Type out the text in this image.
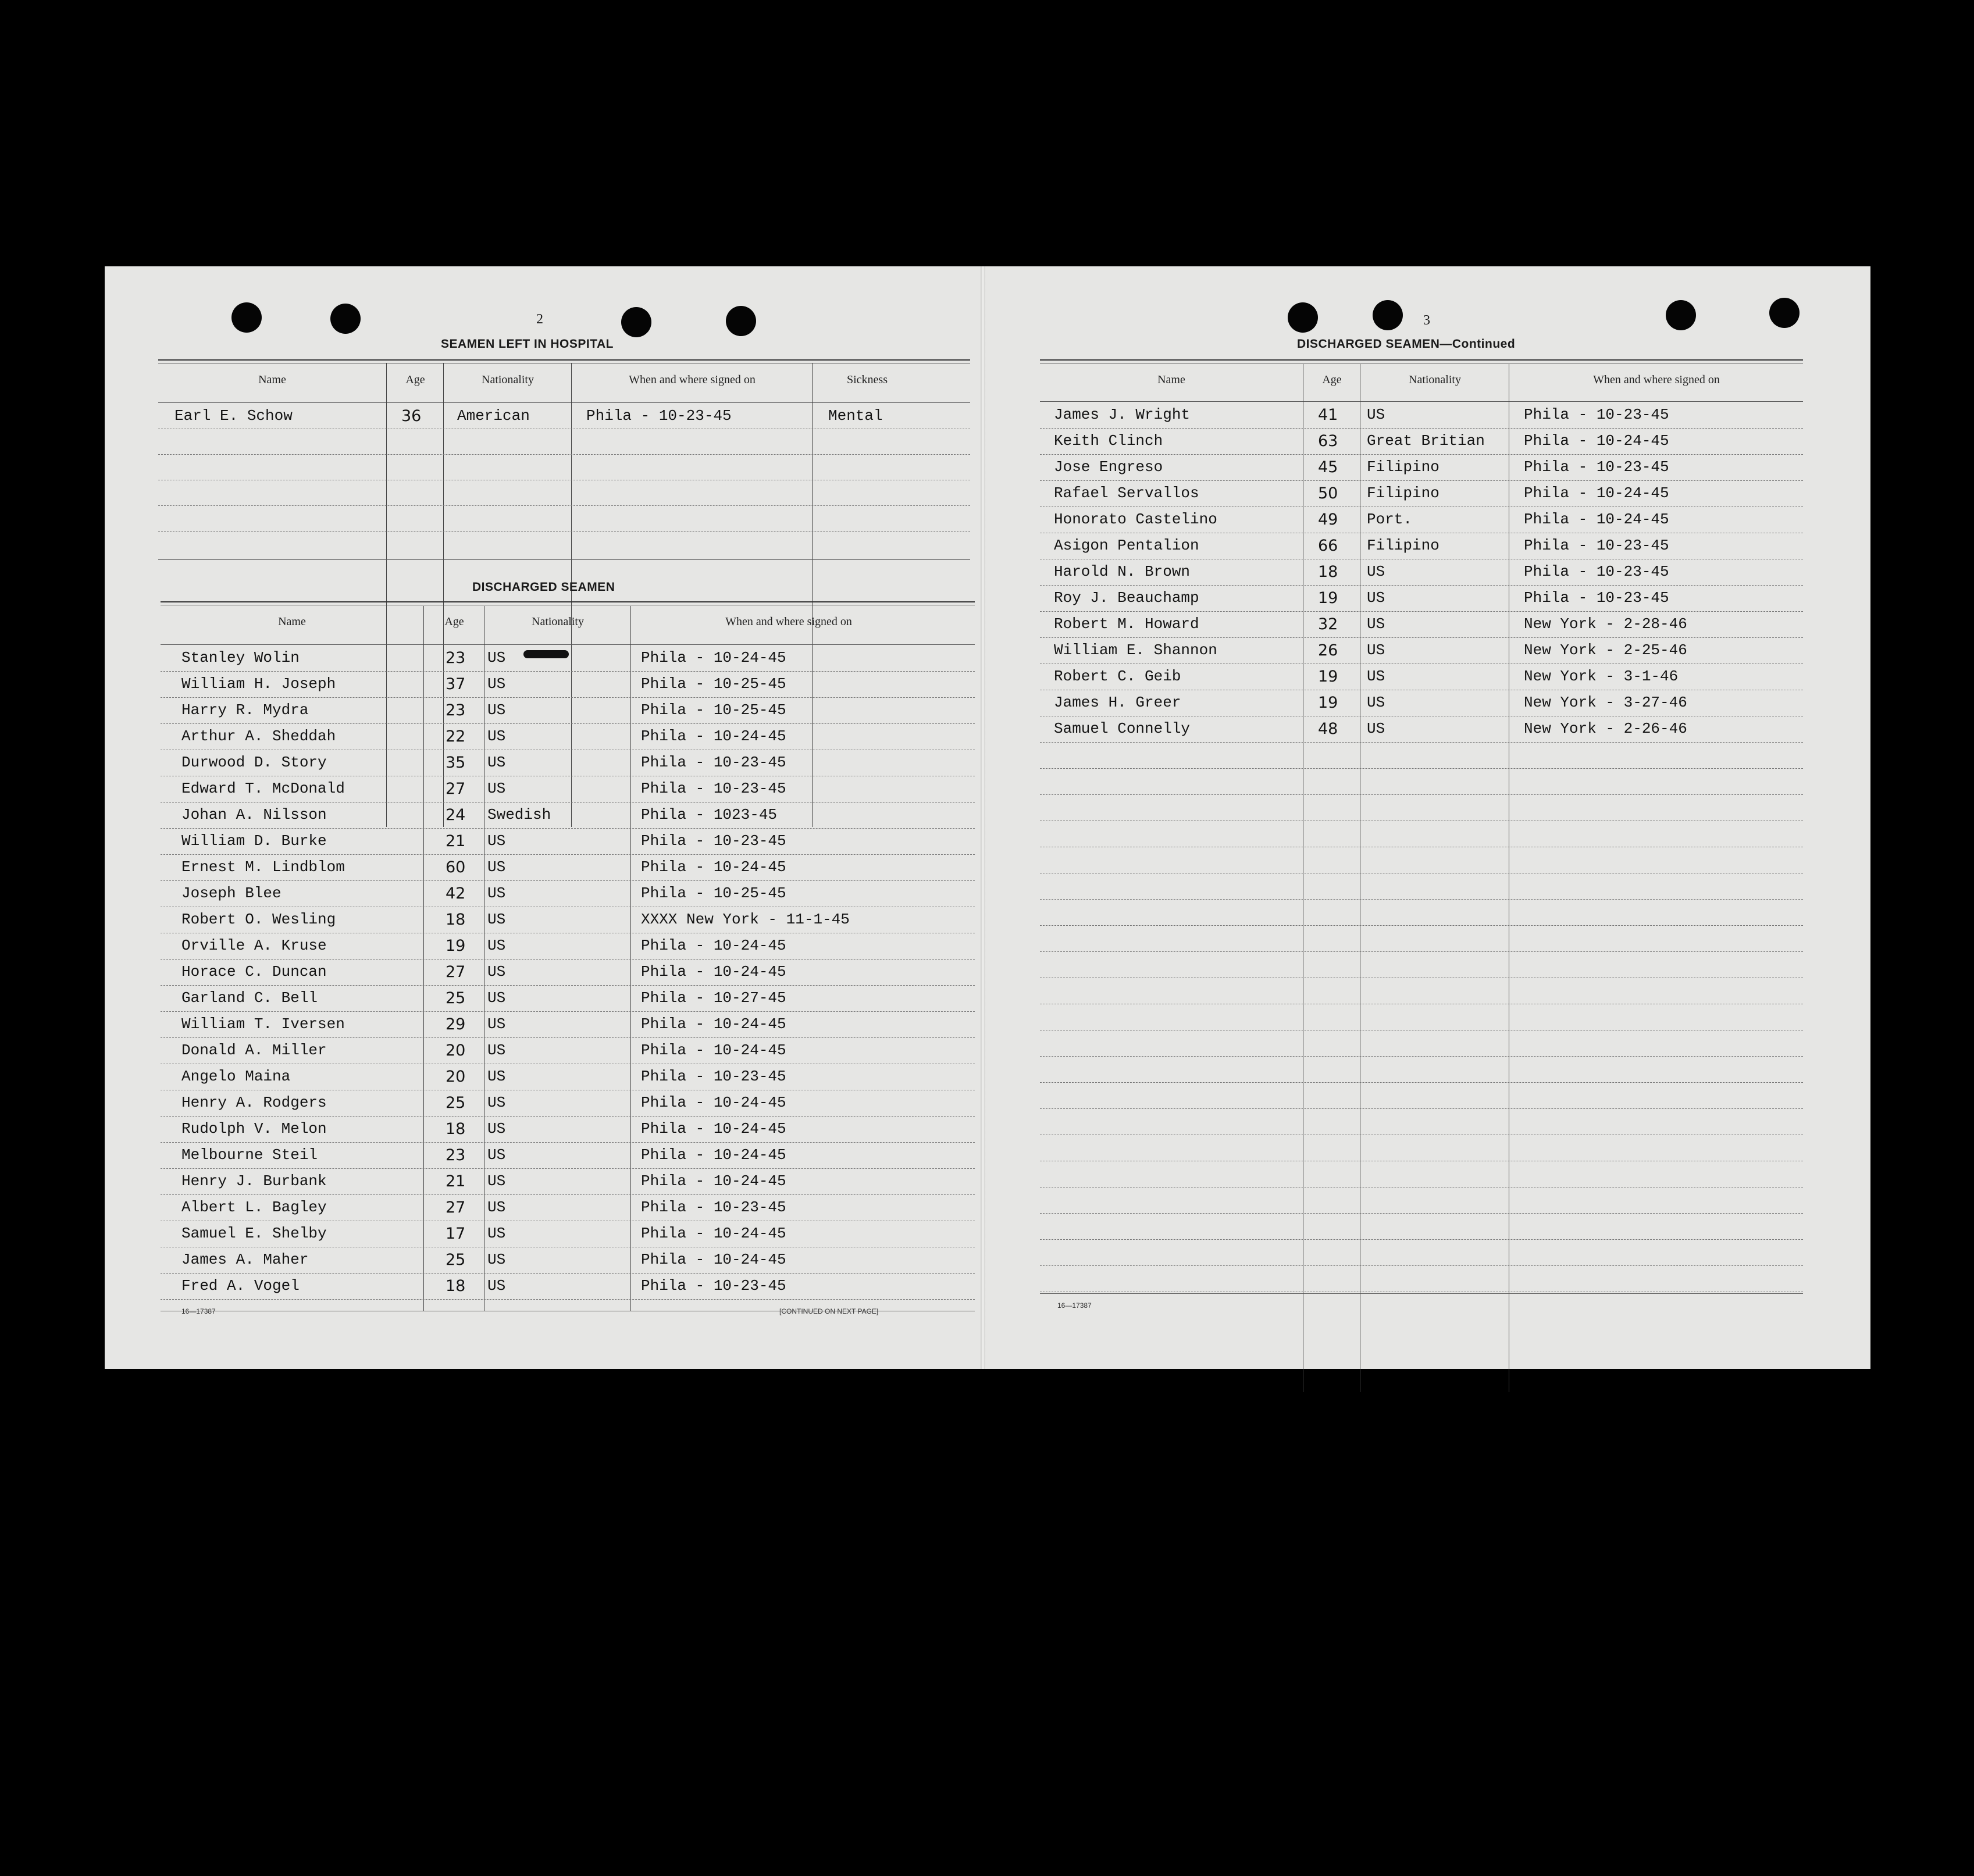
2
SEAMEN LEFT IN HOSPITAL
Name	Age	Nationality	When and where signed on	Sickness
Earl E. Schow	36 American	Phila - 10-23-45	Mental
DISCHARGED SEAMEN
Name	Age	Nationality	When and where signed on
Stanley Wolin	23 US	Phila - 10-24-45
William H. Joseph	37 US	Phila - 10-25-45
Harry R. Mydra	23 US	Phila - 10-25-45
Arthur A. Sheddah	22 US	Phila - 10-24-45
Durwood D. Story	35 US	Phila - 10-23-45
Edward T. McDonald	27 US	Phila - 10-23-45
Johan A. Nilsson	24 Swedish	Phila - 1023-45
William D. Burke	21 US	Phila - 10-23-45
Ernest M. Lindblom	60 US	Phila - 10-24-45
Joseph Blee	42 US	Phila - 10-25-45
Robert O. Wesling	18 US	XXXX New York - 11-1-45
Orville A. Kruse	19 US	Phila - 10-24-45
Horace C. Duncan	27 US	Phila - 10-24-45
Garland C. Bell	25 US	Phila - 10-27-45
William T. Iversen	29 US	Phila - 10-24-45
Donald A. Miller	20 US	Phila - 10-24-45
Angelo Maina	20 US	Phila - 10-23-45
Henry A. Rodgers	25 US	Phila - 10-24-45
Rudolph V. Melon	18 US	Phila - 10-24-45
Melbourne Steil	23 US	Phila - 10-24-45
Henry J. Burbank	21 US	Phila - 10-24-45
Albert L. Bagley	27 US	Phila - 10-23-45
Samuel E. Shelby	17 US	Phila - 10-24-45
James A. Maher	25 US	Phila - 10-24-45
Fred A. Vogel	18 US	Phila - 10-23-45
16—17387	[CONTINUED ON NEXT PAGE]
3
DISCHARGED SEAMEN—Continued
Name	Age	Nationality	When and where signed on
James J. Wright	41 US	Phila - 10-23-45
Keith Clinch	63 Great Britian	Phila - 10-24-45
Jose Engreso	45 Filipino	Phila - 10-23-45
Rafael Servallos	50 Filipino	Phila - 10-24-45
Honorato Castelino	49 Port.	Phila - 10-24-45
Asigon Pentalion	66 Filipino	Phila - 10-23-45
Harold N. Brown	18 US	Phila - 10-23-45
Roy J. Beauchamp	19 US	Phila - 10-23-45
Robert M. Howard	32 US	New York - 2-28-46
William E. Shannon	26 US	New York - 2-25-46
Robert C. Geib	19 US	New York - 3-1-46
James H. Greer	19 US	New York - 3-27-46
Samuel Connelly	48 US	New York - 2-26-46
16—17387
